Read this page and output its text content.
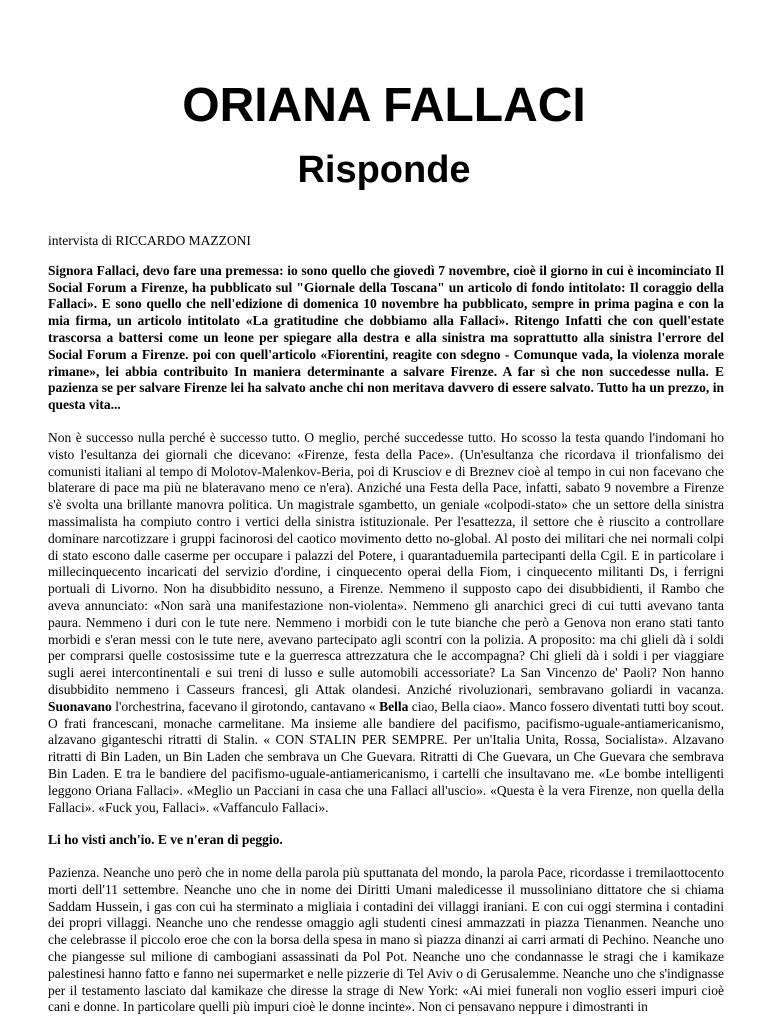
ORIANA FALLACI
Risponde

intervista di RICCARDO MAZZONI

Signora Fallaci, devo fare una premessa: io sono quello che giovedì 7 novembre, cioè il giorno in cui è incominciato Il Social Forum a Firenze, ha pubblicato sul "Giornale della Toscana" un articolo di fondo intitolato: Il coraggio della Fallaci». E sono quello che nell'edizione di domenica 10 novembre ha pubblicato, sempre in prima pagina e con la mia firma, un articolo intitolato «La gratitudine che dobbiamo alla Fallaci». Ritengo Infatti che con quell'estate trascorsa a battersi come un leone per spiegare alla destra e alla sinistra ma soprattutto alla sinistra l'errore del Social Forum a Firenze. poi con quell'articolo «Fiorentini, reagite con sdegno - Comunque vada, la violenza morale rimane», lei abbia contribuito In maniera determinante a salvare Firenze. A far sì che non succedesse nulla. E pazienza se per salvare Firenze lei ha salvato anche chi non meritava davvero di essere salvato. Tutto ha un prezzo, in questa vita...

Non è successo nulla perché è successo tutto. O meglio, perché succedesse tutto. Ho scosso la testa quando l'indomani ho visto l'esultanza dei giornali che dicevano: «Firenze, festa della Pace». (Un'esultanza che ricordava il trionfalismo dei comunisti italiani al tempo di Molotov-Malenkov-Beria, poi di Krusciov e di Breznev cioè al tempo in cui non facevano che blaterare di pace ma più ne blateravano meno ce n'era). Anziché una Festa della Pace, infatti, sabato 9 novembre a Firenze s'è svolta una brillante manovra politica. Un magistrale sgambetto, un geniale «colpodi-stato» che un settore della sinistra massimalista ha compiuto contro i vertici della sinistra istituzionale. Per l'esattezza, il settore che è riuscito a controllare dominare narcotizzare i gruppi facinorosi del caotico movimento detto no-global. Al posto dei militari che nei normali colpi di stato escono dalle caserme per occupare i palazzi del Potere, i quarantaduemila partecipanti della Cgil. E in particolare i millecinquecento incaricati del servizio d'ordine, i cinquecento operai della Fiom, i cinquecento militanti Ds, i ferrigni portuali di Livorno. Non ha disubbidito nessuno, a Firenze. Nemmeno il supposto capo dei disubbidienti, il Rambo che aveva annunciato: «Non sarà una manifestazione non-violenta». Nemmeno gli anarchici greci di cui tutti avevano tanta paura. Nemmeno i duri con le tute nere. Nemmeno i morbidi con le tute bianche che però a Genova non erano stati tanto morbidi e s'eran messi con le tute nere, avevano partecipato agli scontri con la polizia. A proposito: ma chi glieli dà i soldi per comprarsi quelle costosissime tute e la guerresca attrezzatura che le accompagna? Chi glieli dà i soldi i per viaggiare sugli aerei intercontinentali e sui treni di lusso e sulle automobili accessoriate? La San Vincenzo de' Paoli? Non hanno disubbidito nemmeno i Casseurs francesi, gli Attak olandesi. Anziché rivoluzionari, sembravano goliardi in vacanza. Suonavano l'orchestrina, facevano il girotondo, cantavano « Bella ciao, Bella ciao». Manco fossero diventati tutti boy scout. O frati francescani, monache carmelitane. Ma insieme alle bandiere del pacifismo, pacifismo-uguale-antiamericanismo, alzavano giganteschi ritratti di Stalin. « CON STALIN PER SEMPRE. Per un'Italia Unita, Rossa, Socialista». Alzavano ritratti di Bin Laden, un Bin Laden che sembrava un Che Guevara. Ritratti di Che Guevara, un Che Guevara che sembrava Bin Laden. E tra le bandiere del pacifismo-uguale-antiamericanismo, i cartelli che insultavano me. «Le bombe intelligenti leggono Oriana Fallaci». «Meglio un Pacciani in casa che una Fallaci all'uscio». «Questa è la vera Firenze, non quella della Fallaci». «Fuck you, Fallaci». «Vaffanculo Fallaci».

Li ho visti anch'io. E ve n'eran di peggio.

Pazienza. Neanche uno però che in nome della parola più sputtanata del mondo, la parola Pace, ricordasse i tremilaottocento morti dell'11 settembre. Neanche uno che in nome dei Diritti Umani maledicesse il mussoliniano dittatore che si chiama Saddam Hussein, i gas con cui ha sterminato a migliaia i contadini dei villaggi iraniani. E con cui oggi stermina i contadini dei propri villaggi. Neanche uno che rendesse omaggio agli studenti cinesi ammazzati in piazza Tienanmen. Neanche uno che celebrasse il piccolo eroe che con la borsa della spesa in mano sì piazza dinanzi ai carri armati di Pechino. Neanche uno che piangesse sul milione di cambogiani assassinati da Pol Pot. Neanche uno che condannasse le stragi che i kamikaze palestinesi hanno fatto e fanno nei supermarket e nelle pizzerie di Tel Aviv o di Gerusalemme. Neanche uno che s'indignasse per il testamento lasciato dal kamikaze che diresse la strage di New York: «Ai miei funerali non voglio esseri impuri cioè cani e donne. In particolare quelli più impuri cioè le donne incinte». Non ci pensavano neppure i dimostranti in
